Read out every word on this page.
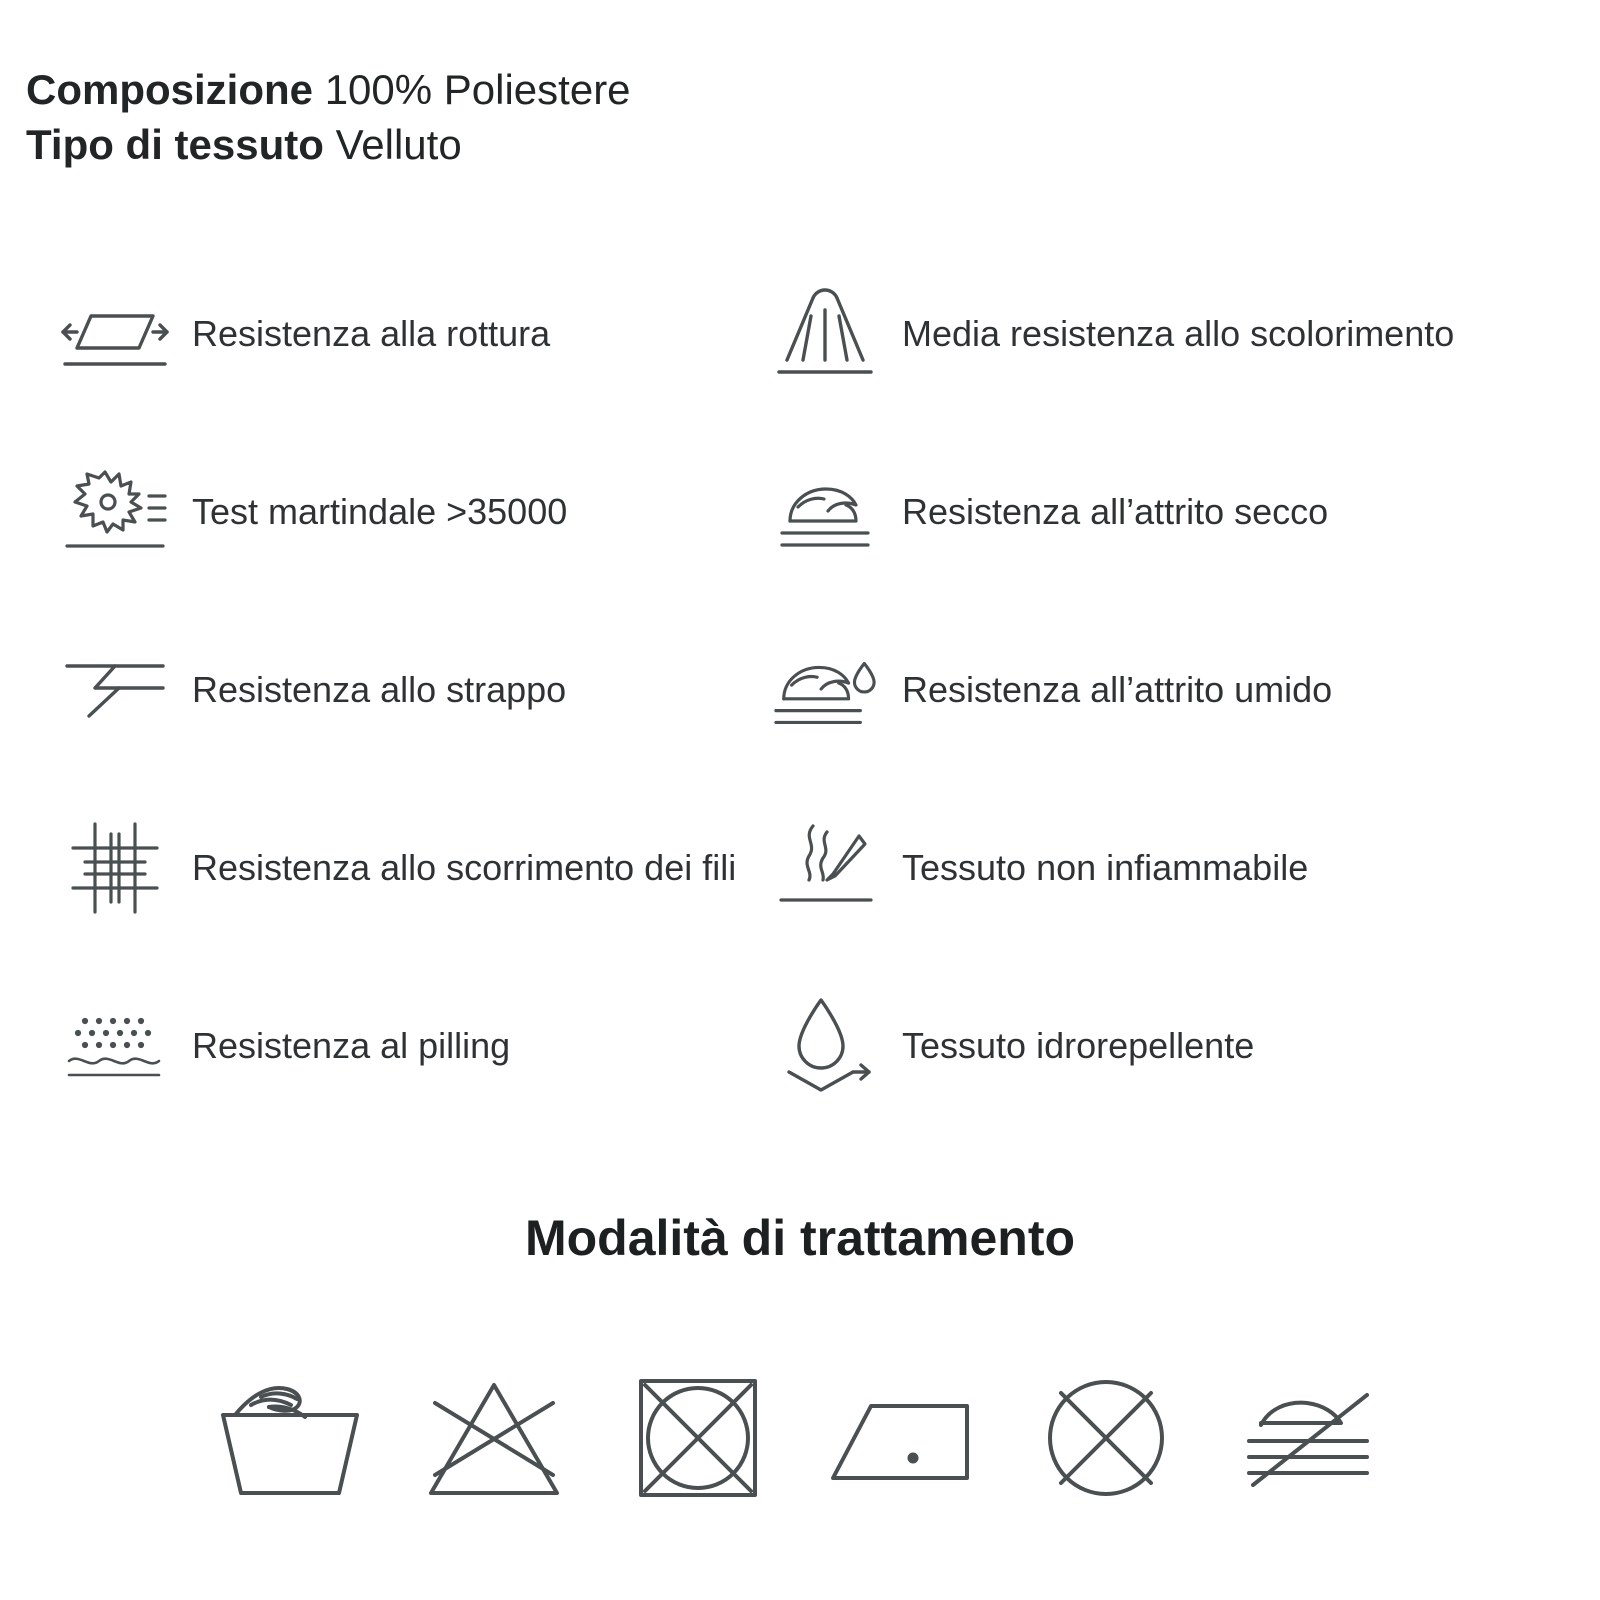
Composizione 100% Poliestere
Tipo di tessuto Velluto
Resistenza alla rottura	Media resistenza allo scolorimento
Test martindale >35000	Resistenza all’attrito secco
Resistenza allo strappo	Resistenza all’attrito umido
Resistenza allo scorrimento dei fili	Tessuto non infiammabile
Resistenza al pilling	Tessuto idrorepellente
Modalità di trattamento
